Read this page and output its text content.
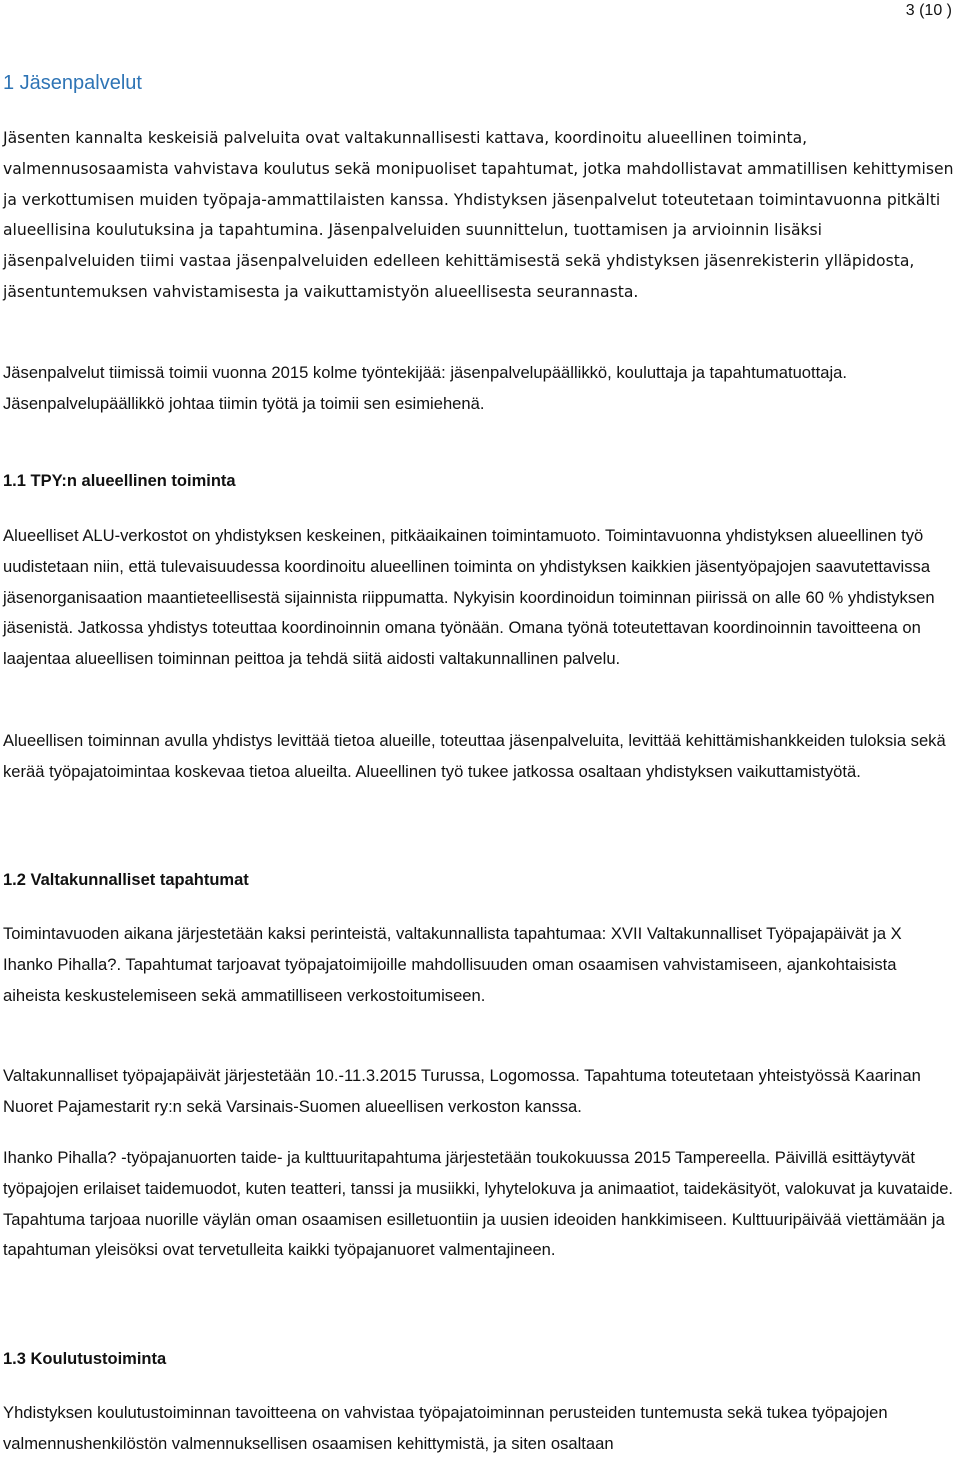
3 (10 )
1 Jäsenpalvelut

Jäsenten kannalta keskeisiä palveluita ovat valtakunnallisesti kattava, koordinoitu alueellinen toiminta, valmennusosaamista vahvistava koulutus sekä monipuoliset tapahtumat, jotka mahdollistavat ammatillisen kehittymisen ja verkottumisen muiden työpaja-ammattilaisten kanssa. Yhdistyksen jäsenpalvelut toteutetaan toimintavuonna pitkälti alueellisina koulutuksina ja tapahtumina. Jäsenpalveluiden suunnittelun, tuottamisen ja arvioinnin lisäksi jäsenpalveluiden tiimi vastaa jäsenpalveluiden edelleen kehittämisestä sekä yhdistyksen jäsenrekisterin ylläpidosta, jäsentuntemuksen vahvistamisesta ja vaikuttamistyön alueellisesta seurannasta.

Jäsenpalvelut tiimissä toimii vuonna 2015 kolme työntekijää: jäsenpalvelupäällikkö, kouluttaja ja tapahtumatuottaja. Jäsenpalvelupäällikkö johtaa tiimin työtä ja toimii sen esimiehenä.

1.1 TPY:n alueellinen toiminta

Alueelliset ALU-verkostot on yhdistyksen keskeinen, pitkäaikainen toimintamuoto. Toimintavuonna yhdistyksen alueellinen työ uudistetaan niin, että tulevaisuudessa koordinoitu alueellinen toiminta on yhdistyksen kaikkien jäsentyöpajojen saavutettavissa jäsenorganisaation maantieteellisestä sijainnista riippumatta. Nykyisin koordinoidun toiminnan piirissä on alle 60 % yhdistyksen jäsenistä. Jatkossa yhdistys toteuttaa koordinoinnin omana työnään. Omana työnä toteutettavan koordinoinnin tavoitteena on laajentaa alueellisen toiminnan peittoa ja tehdä siitä aidosti valtakunnallinen palvelu.

Alueellisen toiminnan avulla yhdistys levittää tietoa alueille, toteuttaa jäsenpalveluita, levittää kehittämishankkeiden tuloksia sekä kerää työpajatoimintaa koskevaa tietoa alueilta. Alueellinen työ tukee jatkossa osaltaan yhdistyksen vaikuttamistyötä.

1.2 Valtakunnalliset tapahtumat

Toimintavuoden aikana järjestetään kaksi perinteistä, valtakunnallista tapahtumaa: XVII Valtakunnalliset Työpajapäivät ja X Ihanko Pihalla?. Tapahtumat tarjoavat työpajatoimijoille mahdollisuuden oman osaamisen vahvistamiseen, ajankohtaisista aiheista keskustelemiseen sekä ammatilliseen verkostoitumiseen.

Valtakunnalliset työpajapäivät järjestetään 10.-11.3.2015 Turussa, Logomossa. Tapahtuma toteutetaan yhteistyössä Kaarinan Nuoret Pajamestarit ry:n sekä Varsinais-Suomen alueellisen verkoston kanssa.

Ihanko Pihalla? -työpajanuorten taide- ja kulttuuritapahtuma järjestetään toukokuussa 2015 Tampereella. Päivillä esittäytyvät työpajojen erilaiset taidemuodot, kuten teatteri, tanssi ja musiikki, lyhytelokuva ja animaatiot, taidekäsityöt, valokuvat ja kuvataide. Tapahtuma tarjoaa nuorille väylän oman osaamisen esilletuontiin ja uusien ideoiden hankkimiseen. Kulttuuripäivää viettämään ja tapahtuman yleisöksi ovat tervetulleita kaikki työpajanuoret valmentajineen.

1.3 Koulutustoiminta

Yhdistyksen koulutustoiminnan tavoitteena on vahvistaa työpajatoiminnan perusteiden tuntemusta sekä tukea työpajojen valmennushenkilöstön valmennuksellisen osaamisen kehittymistä, ja siten osaltaan
